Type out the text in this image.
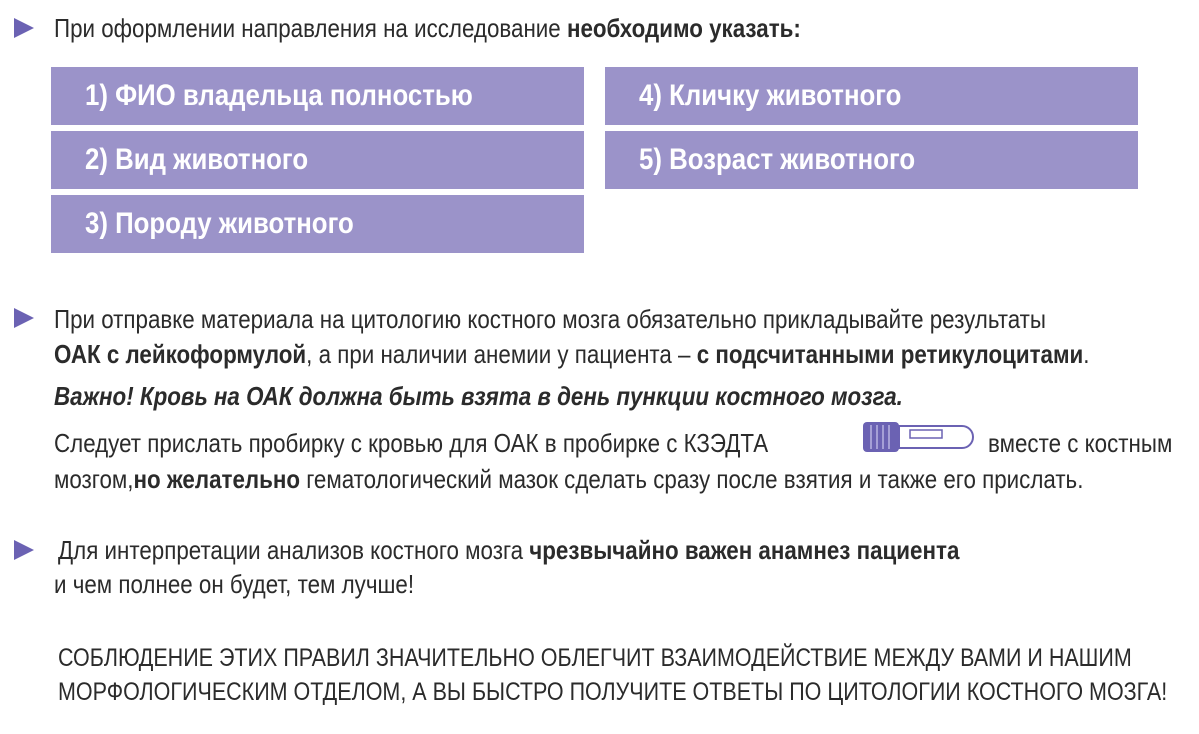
При оформлении направления на исследование необходимо указать:
1) ФИО владельца полностью
2) Вид животного
3) Породу животного
4) Кличку животного
5) Возраст животного
При отправке материала на цитологию костного мозга обязательно прикладывайте результаты
ОАК с лейкоформулой, а при наличии анемии у пациента – с подсчитанными ретикулоцитами.
Важно! Кровь на ОАК должна быть взята в день пункции костного мозга.
Следует прислать пробирку с кровью для ОАК в пробирке с КЗЭДТА	вместе с костным
мозгом,но желательно гематологический мазок сделать сразу после взятия и также его прислать.
Для интерпретации анализов костного мозга чрезвычайно важен анамнез пациента
и чем полнее он будет, тем лучше!
СОБЛЮДЕНИЕ ЭТИХ ПРАВИЛ ЗНАЧИТЕЛЬНО ОБЛЕГЧИТ ВЗАИМОДЕЙСТВИЕ МЕЖДУ ВАМИ И НАШИМ
МОРФОЛОГИЧЕСКИМ ОТДЕЛОМ, А ВЫ БЫСТРО ПОЛУЧИТЕ ОТВЕТЫ ПО ЦИТОЛОГИИ КОСТНОГО МОЗГА!
